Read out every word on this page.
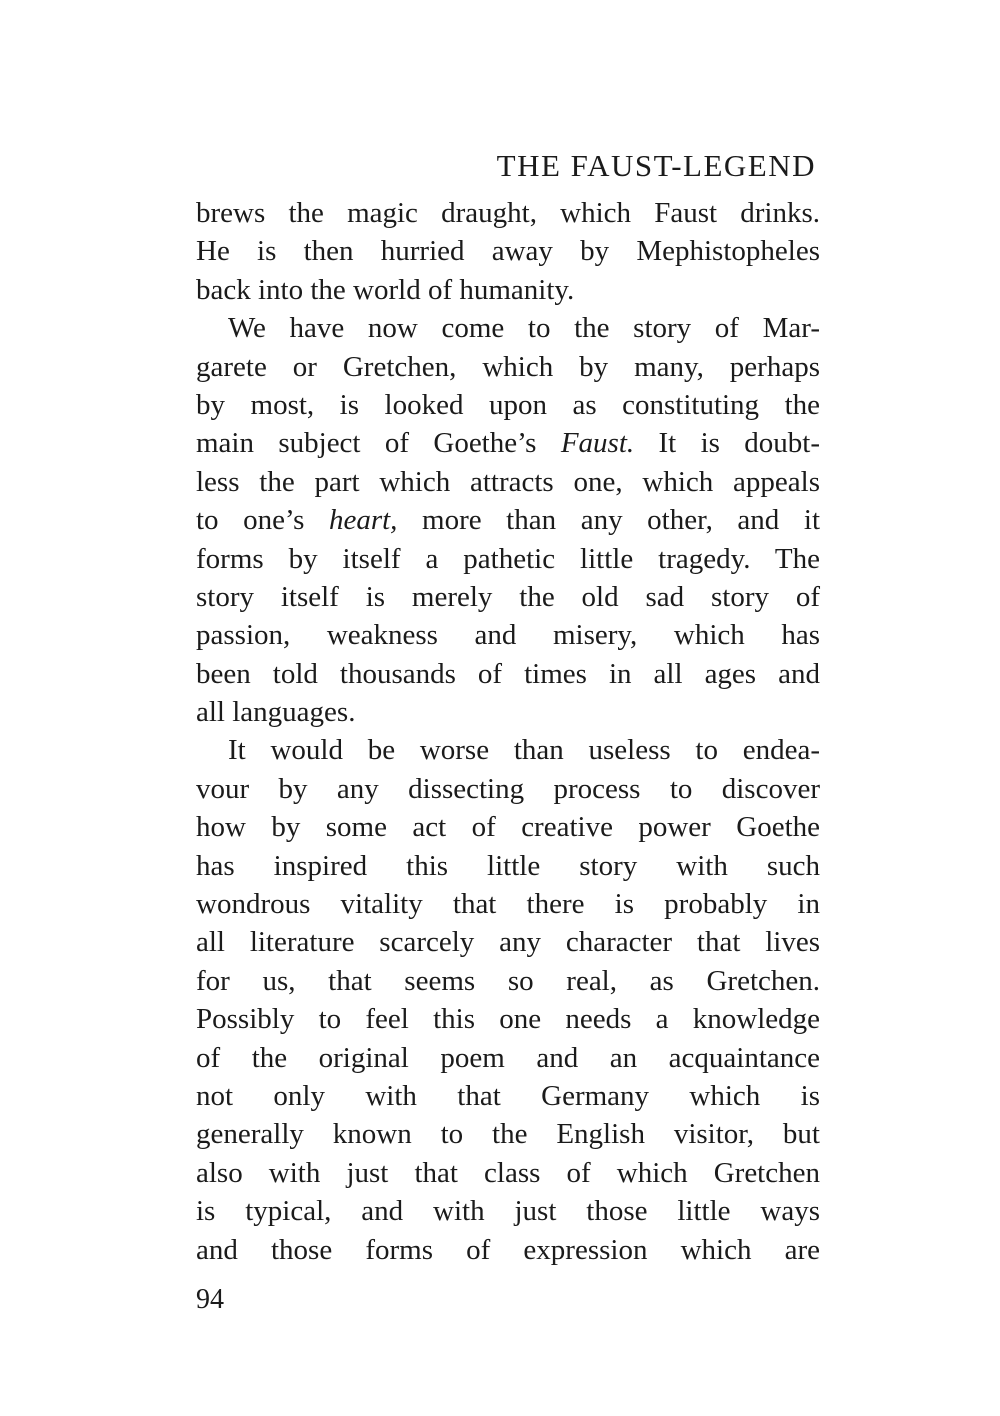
THE FAUST-LEGEND
brews the magic draught, which Faust drinks.
He is then hurried away by Mephistopheles
back into the world of humanity.
We have now come to the story of Mar-
garete or Gretchen, which by many, perhaps
by most, is looked upon as constituting the
main subject of Goethe’s Faust. It is doubt-
less the part which attracts one, which appeals
to one’s heart, more than any other, and it
forms by itself a pathetic little tragedy. The
story itself is merely the old sad story of
passion, weakness and misery, which has
been told thousands of times in all ages and
all languages.
It would be worse than useless to endea-
vour by any dissecting process to discover
how by some act of creative power Goethe
has inspired this little story with such
wondrous vitality that there is probably in
all literature scarcely any character that lives
for us, that seems so real, as Gretchen.
Possibly to feel this one needs a knowledge
of the original poem and an acquaintance
not only with that Germany which is
generally known to the English visitor, but
also with just that class of which Gretchen
is typical, and with just those little ways
and those forms of expression which are
94
